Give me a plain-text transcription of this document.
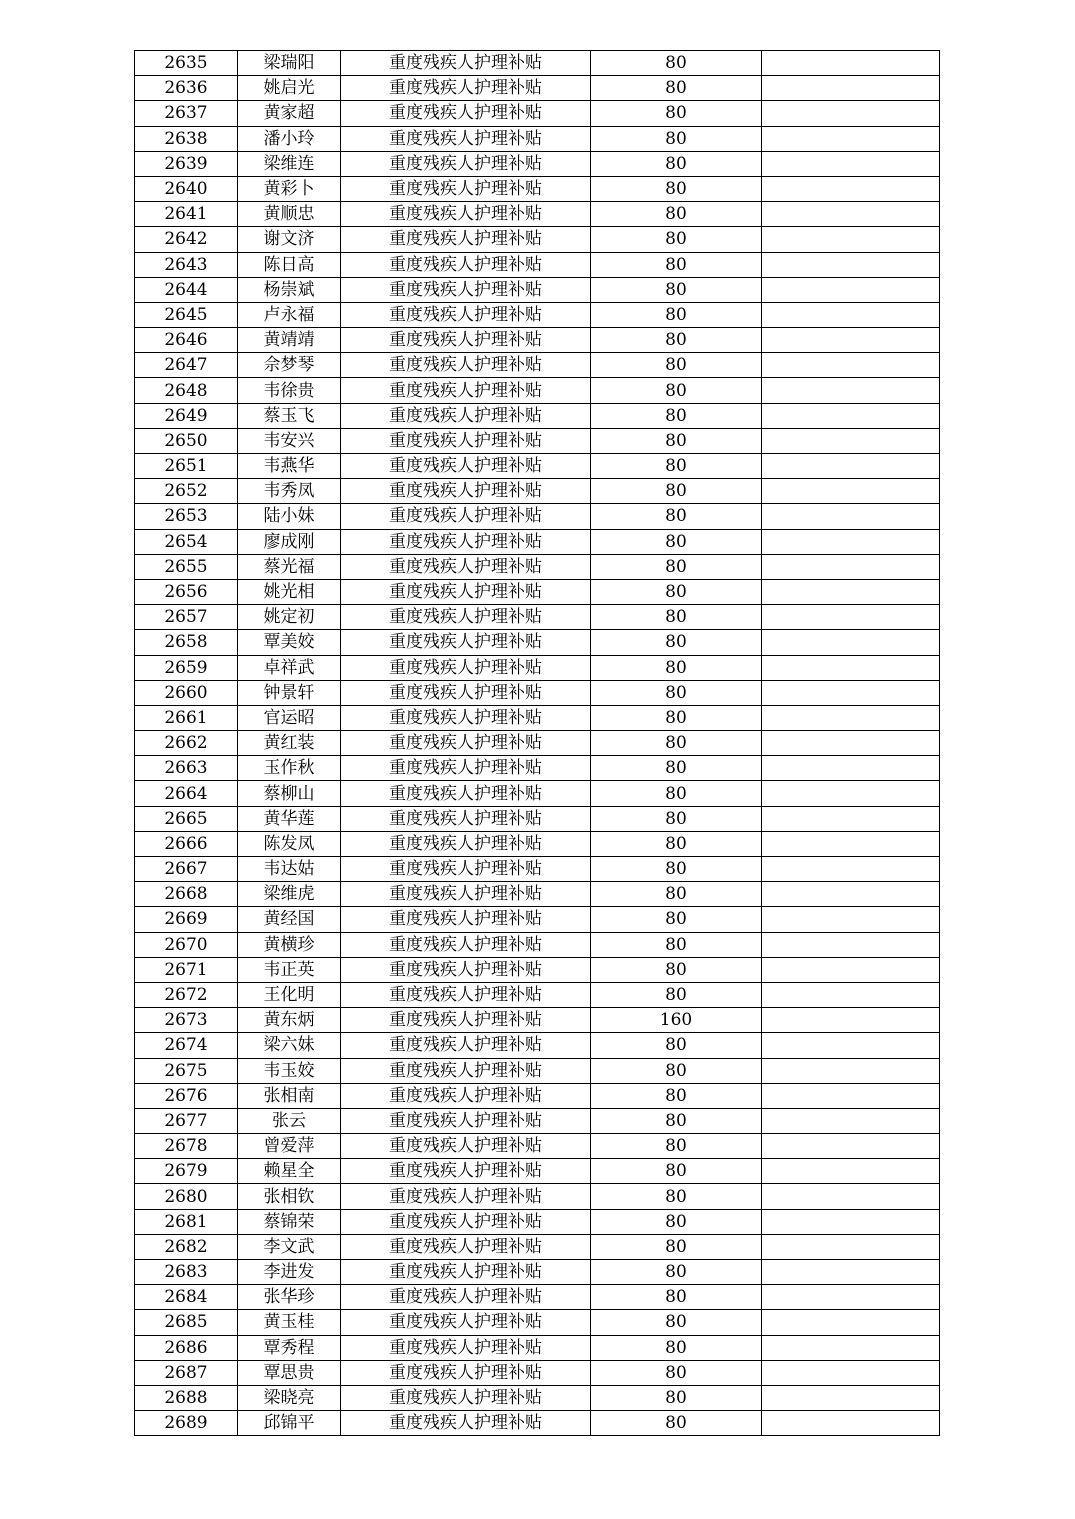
2635	梁瑞阳	重度残疾人护理补贴	80	
2636	姚启光	重度残疾人护理补贴	80	
2637	黄家超	重度残疾人护理补贴	80	
2638	潘小玲	重度残疾人护理补贴	80	
2639	梁维连	重度残疾人护理补贴	80	
2640	黄彩卜	重度残疾人护理补贴	80	
2641	黄顺忠	重度残疾人护理补贴	80	
2642	谢文济	重度残疾人护理补贴	80	
2643	陈日高	重度残疾人护理补贴	80	
2644	杨崇斌	重度残疾人护理补贴	80	
2645	卢永福	重度残疾人护理补贴	80	
2646	黄靖靖	重度残疾人护理补贴	80	
2647	佘梦琴	重度残疾人护理补贴	80	
2648	韦徐贵	重度残疾人护理补贴	80	
2649	蔡玉飞	重度残疾人护理补贴	80	
2650	韦安兴	重度残疾人护理补贴	80	
2651	韦燕华	重度残疾人护理补贴	80	
2652	韦秀凤	重度残疾人护理补贴	80	
2653	陆小妹	重度残疾人护理补贴	80	
2654	廖成刚	重度残疾人护理补贴	80	
2655	蔡光福	重度残疾人护理补贴	80	
2656	姚光相	重度残疾人护理补贴	80	
2657	姚定初	重度残疾人护理补贴	80	
2658	覃美姣	重度残疾人护理补贴	80	
2659	卓祥武	重度残疾人护理补贴	80	
2660	钟景轩	重度残疾人护理补贴	80	
2661	官运昭	重度残疾人护理补贴	80	
2662	黄红装	重度残疾人护理补贴	80	
2663	玉作秋	重度残疾人护理补贴	80	
2664	蔡柳山	重度残疾人护理补贴	80	
2665	黄华莲	重度残疾人护理补贴	80	
2666	陈发凤	重度残疾人护理补贴	80	
2667	韦达姑	重度残疾人护理补贴	80	
2668	梁维虎	重度残疾人护理补贴	80	
2669	黄经国	重度残疾人护理补贴	80	
2670	黄横珍	重度残疾人护理补贴	80	
2671	韦正英	重度残疾人护理补贴	80	
2672	王化明	重度残疾人护理补贴	80	
2673	黄东炳	重度残疾人护理补贴	160	
2674	梁六妹	重度残疾人护理补贴	80	
2675	韦玉姣	重度残疾人护理补贴	80	
2676	张相南	重度残疾人护理补贴	80	
2677	张云	重度残疾人护理补贴	80	
2678	曾爱萍	重度残疾人护理补贴	80	
2679	赖星全	重度残疾人护理补贴	80	
2680	张相钦	重度残疾人护理补贴	80	
2681	蔡锦荣	重度残疾人护理补贴	80	
2682	李文武	重度残疾人护理补贴	80	
2683	李进发	重度残疾人护理补贴	80	
2684	张华珍	重度残疾人护理补贴	80	
2685	黄玉桂	重度残疾人护理补贴	80	
2686	覃秀程	重度残疾人护理补贴	80	
2687	覃思贵	重度残疾人护理补贴	80	
2688	梁晓亮	重度残疾人护理补贴	80	
2689	邱锦平	重度残疾人护理补贴	80	
